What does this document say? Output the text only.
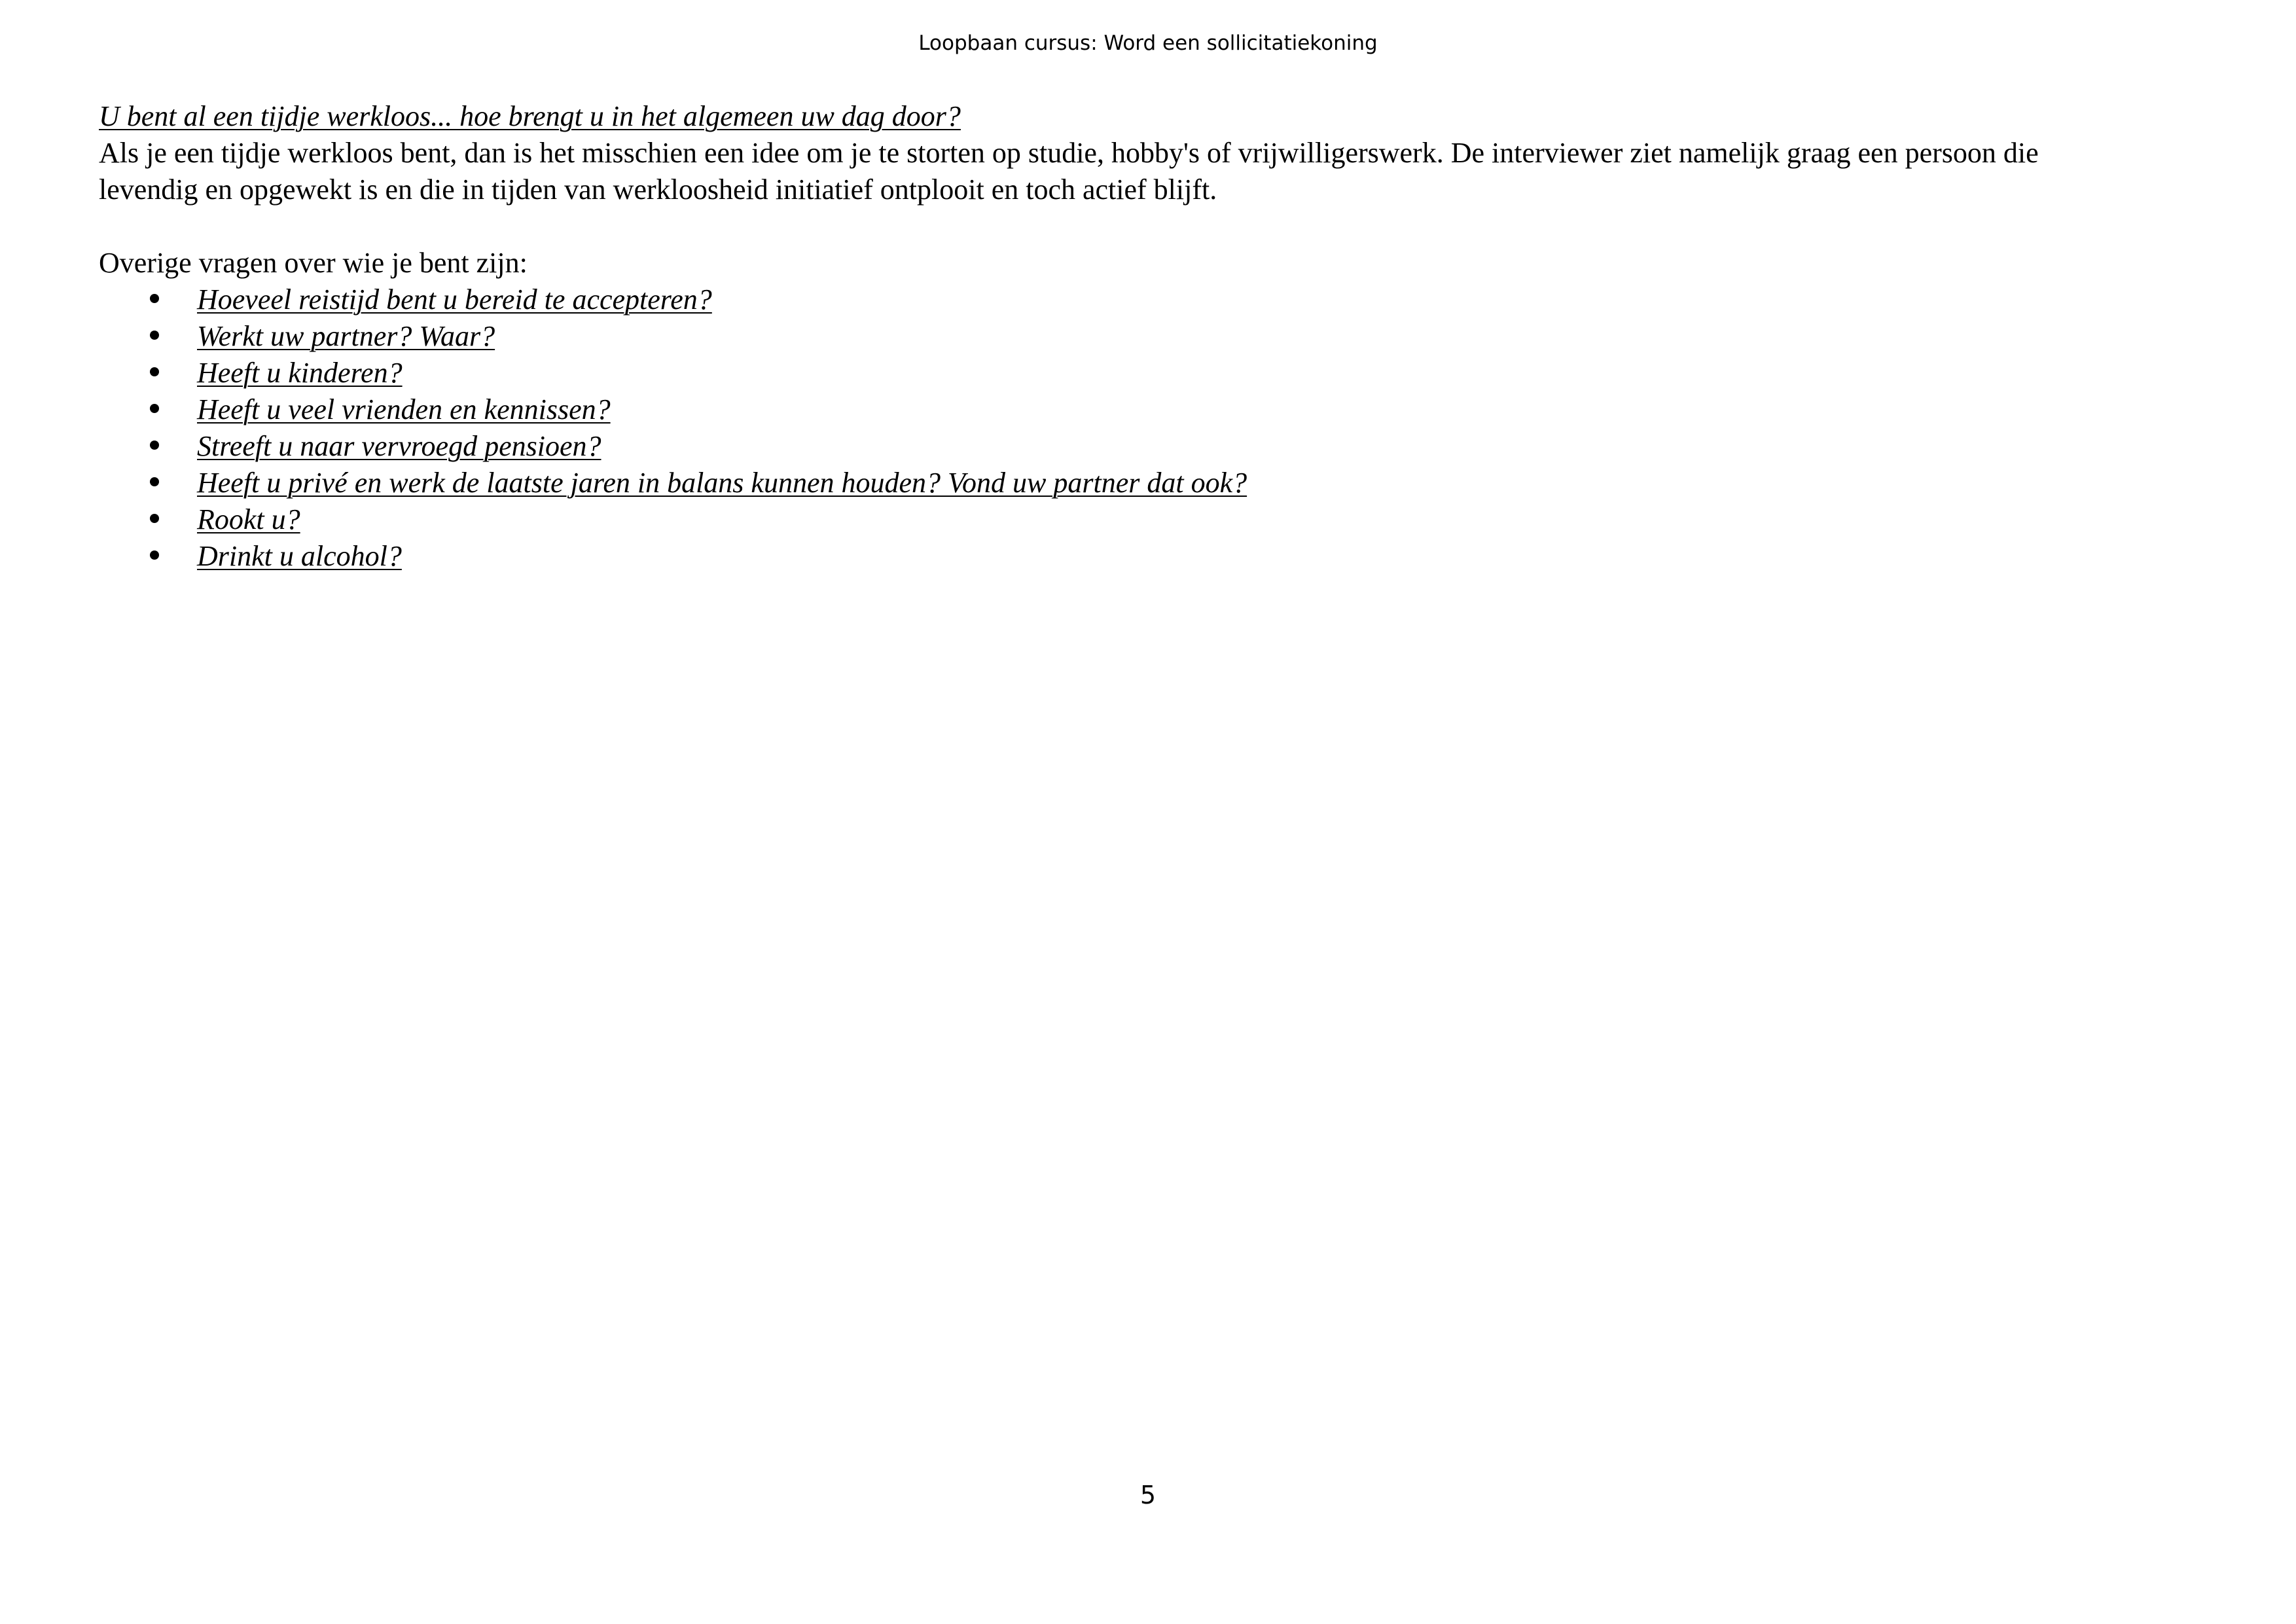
Loopbaan cursus: Word een sollicitatiekoning
U bent al een tijdje werkloos... hoe brengt u in het algemeen uw dag door?
Als je een tijdje werkloos bent, dan is het misschien een idee om je te storten op studie, hobby's of vrijwilligerswerk. De interviewer ziet namelijk graag een persoon die
levendig en opgewekt is en die in tijden van werkloosheid initiatief ontplooit en toch actief blijft.
Overige vragen over wie je bent zijn:
Hoeveel reistijd bent u bereid te accepteren?
Werkt uw partner? Waar?
Heeft u kinderen?
Heeft u veel vrienden en kennissen?
Streeft u naar vervroegd pensioen?
Heeft u privé en werk de laatste jaren in balans kunnen houden? Vond uw partner dat ook?
Rookt u?
Drinkt u alcohol?
5
